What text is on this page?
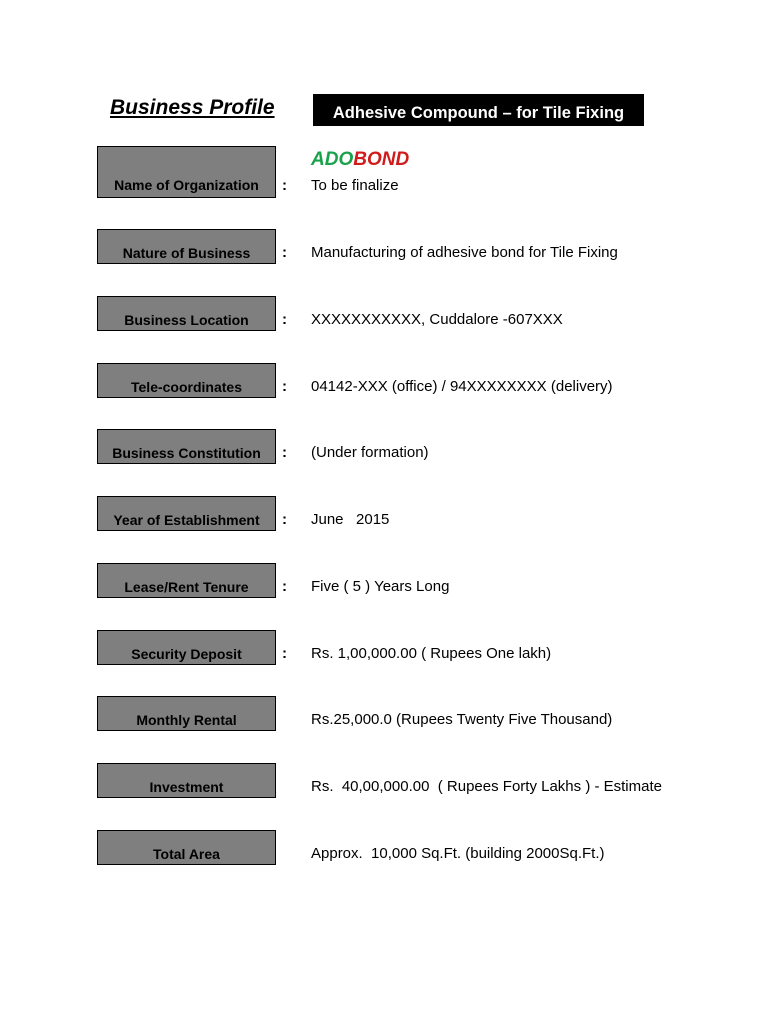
Business Profile	Adhesive Compound – for Tile Fixing
ADOBOND
Name of Organization	: To be finalize
Nature of Business	: Manufacturing of adhesive bond for Tile Fixing
Business Location	: XXXXXXXXXXX, Cuddalore -607XXX
Tele-coordinates	: 04142-XXX (office) / 94XXXXXXXX (delivery)
Business Constitution	: (Under formation)
Year of Establishment	: June   2015
Lease/Rent Tenure	: Five ( 5 ) Years Long
Security Deposit	: Rs. 1,00,000.00 ( Rupees One lakh)
Monthly Rental	Rs.25,000.0 (Rupees Twenty Five Thousand)
Investment	Rs.  40,00,000.00  ( Rupees Forty Lakhs ) - Estimate
Total Area	Approx.  10,000 Sq.Ft. (building 2000Sq.Ft.)
